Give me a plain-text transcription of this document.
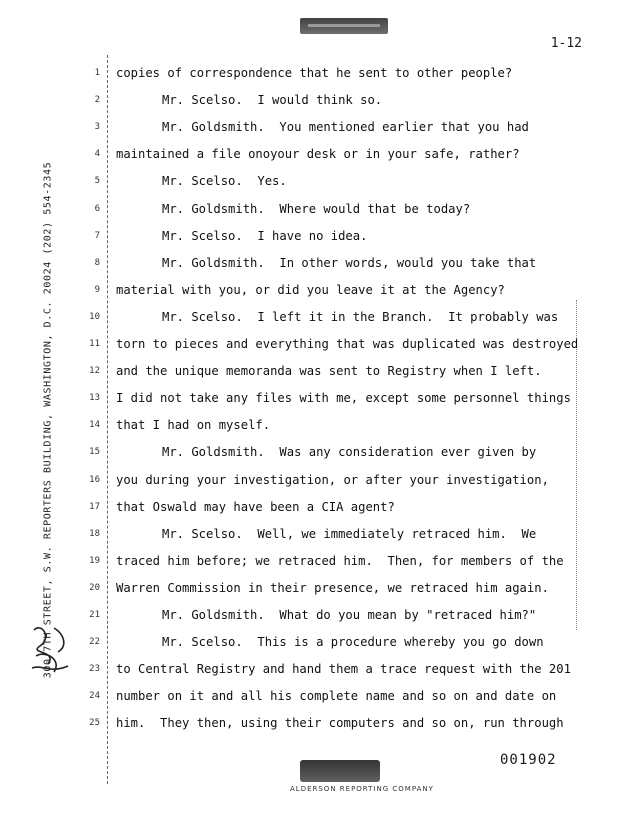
1-12
300 7TH STREET, S.W. REPORTERS BUILDING, WASHINGTON, D.C. 20024 (202) 554-2345
1 copies of correspondence that he sent to other people?
2	Mr. Scelso.  I would think so.
3	Mr. Goldsmith.  You mentioned earlier that you had
4 maintained a file onoyour desk or in your safe, rather?
5	Mr. Scelso.  Yes.
6	Mr. Goldsmith.  Where would that be today?
7	Mr. Scelso.  I have no idea.
8	Mr. Goldsmith.  In other words, would you take that
9 material with you, or did you leave it at the Agency?
10	Mr. Scelso.  I left it in the Branch.  It probably was
11 torn to pieces and everything that was duplicated was destroyed
12 and the unique memoranda was sent to Registry when I left.
13 I did not take any files with me, except some personnel things
14 that I had on myself.
15	Mr. Goldsmith.  Was any consideration ever given by
16 you during your investigation, or after your investigation,
17 that Oswald may have been a CIA agent?
18	Mr. Scelso.  Well, we immediately retraced him.  We
19 traced him before; we retraced him.  Then, for members of the
20 Warren Commission in their presence, we retraced him again.
21	Mr. Goldsmith.  What do you mean by "retraced him?"
22	Mr. Scelso.  This is a procedure whereby you go down
23 to Central Registry and hand them a trace request with the 201
24 number on it and all his complete name and so on and date on
25 him.  They then, using their computers and so on, run through
001902
ALDERSON REPORTING COMPANY
